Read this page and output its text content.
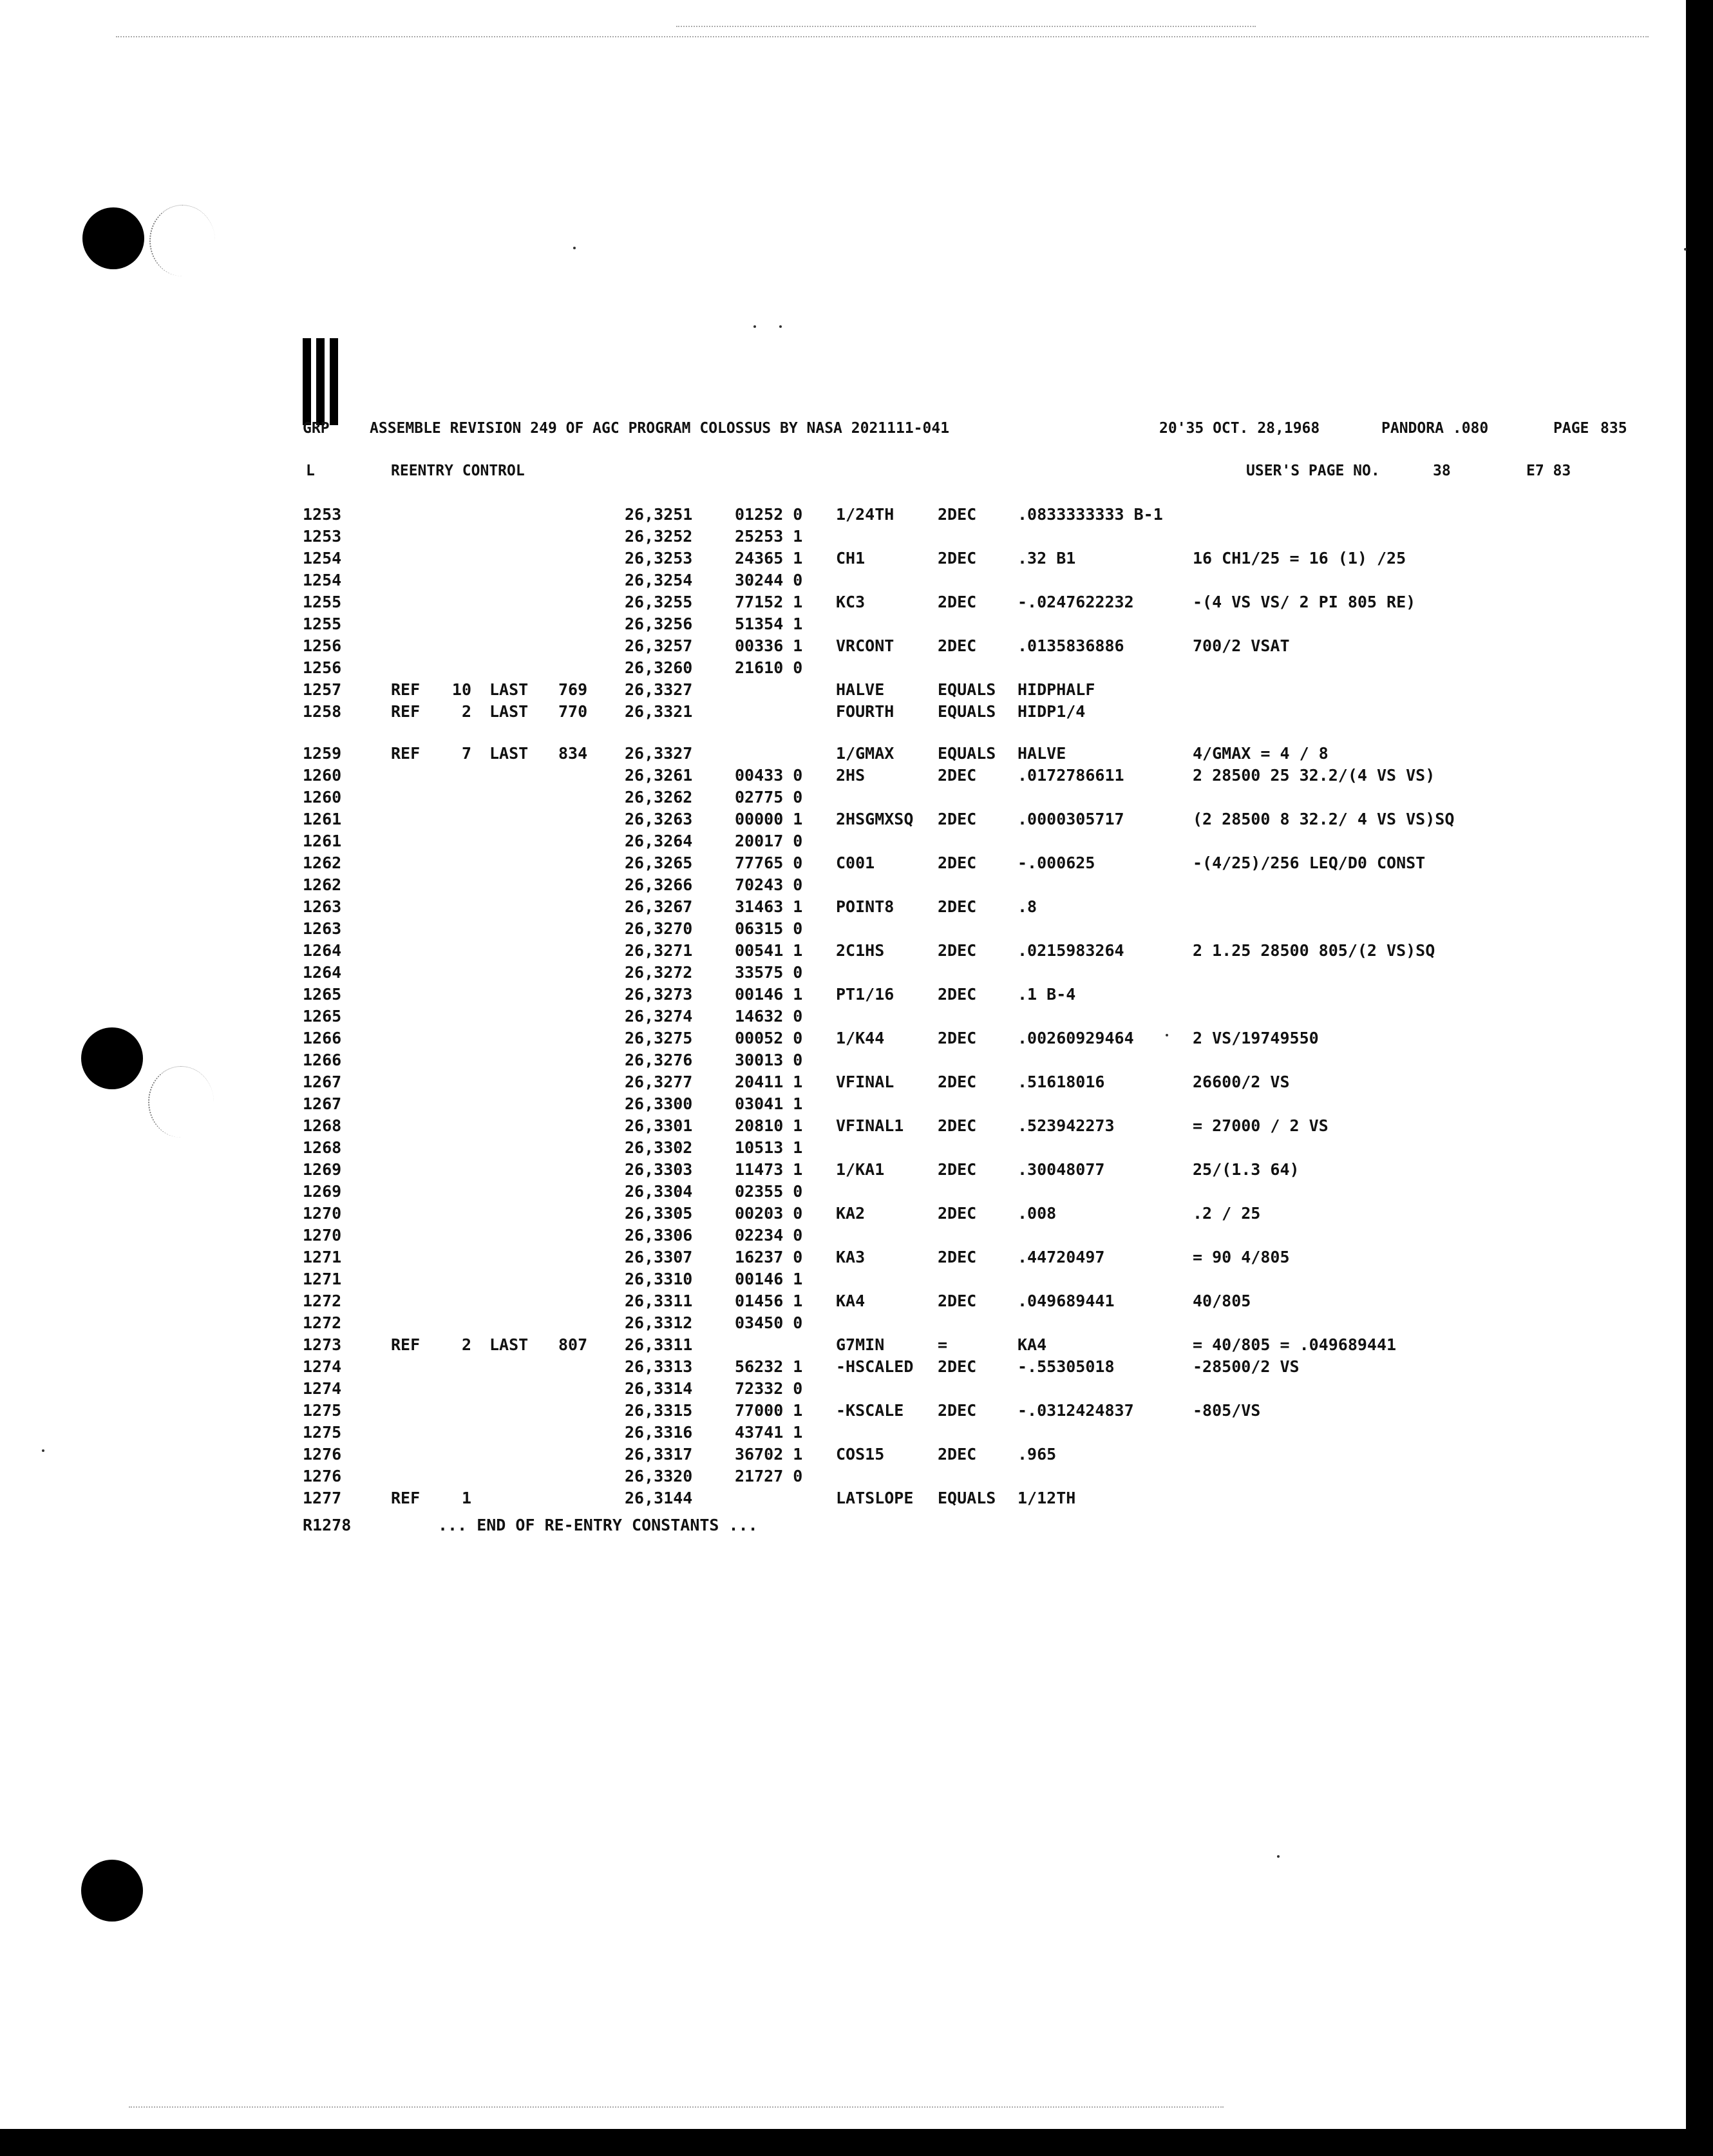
GRP	ASSEMBLE REVISION 249 OF AGC PROGRAM COLOSSUS BY NASA 2021111-041	20'35 OCT. 28,1968	PANDORA .080	PAGE 835
L	REENTRY CONTROL	USER'S PAGE NO.	38	E7 83
1253	26,3251	01252 0 1/24TH	2DEC	.0833333333 B-1
1253	26,3252	25253 1
1254	26,3253	24365 1 CH1	2DEC	.32 B1	16 CH1/25 = 16 (1) /25
1254	26,3254	30244 0
1255	26,3255	77152 1 KC3	2DEC	-.0247622232	-(4 VS VS/ 2 PI 805 RE)
1255	26,3256	51354 1
1256	26,3257	00336 1 VRCONT	2DEC	.0135836886	700/2 VSAT
1256	26,3260	21610 0
1257	REF 10 LAST 769 26,3327	HALVE	EQUALS HIDPHALF
1258	REF	2 LAST 770 26,3321	FOURTH	EQUALS HIDP1/4
1259	REF	7 LAST 834 26,3327	1/GMAX	EQUALS HALVE	4/GMAX = 4 / 8
1260	26,3261	00433 0 2HS	2DEC	.0172786611	2 28500 25 32.2/(4 VS VS)
1260	26,3262	02775 0
1261	26,3263	00000 1 2HSGMXSQ 2DEC	.0000305717	(2 28500 8 32.2/ 4 VS VS)SQ
1261	26,3264	20017 0
1262	26,3265	77765 0 C001	2DEC	-.000625	-(4/25)/256 LEQ/D0 CONST
1262	26,3266	70243 0
1263	26,3267	31463 1 POINT8	2DEC	.8
1263	26,3270	06315 0
1264	26,3271	00541 1 2C1HS	2DEC	.0215983264	2 1.25 28500 805/(2 VS)SQ
1264	26,3272	33575 0
1265	26,3273	00146 1 PT1/16	2DEC	.1 B-4
1265	26,3274	14632 0
1266	26,3275	00052 0 1/K44	2DEC	.00260929464	2 VS/19749550
1266	26,3276	30013 0
1267	26,3277	20411 1 VFINAL	2DEC	.51618016	26600/2 VS
1267	26,3300	03041 1
1268	26,3301	20810 1 VFINAL1 2DEC	.523942273	= 27000 / 2 VS
1268	26,3302	10513 1
1269	26,3303	11473 1 1/KA1	2DEC	.30048077	25/(1.3 64)
1269	26,3304	02355 0
1270	26,3305	00203 0 KA2	2DEC	.008	.2 / 25
1270	26,3306	02234 0
1271	26,3307	16237 0 KA3	2DEC	.44720497	= 90 4/805
1271	26,3310	00146 1
1272	26,3311	01456 1 KA4	2DEC	.049689441	40/805
1272	26,3312	03450 0
1273	REF	2 LAST 807 26,3311	G7MIN	=	KA4	= 40/805 = .049689441
1274	26,3313	56232 1 -HSCALED 2DEC	-.55305018	-28500/2 VS
1274	26,3314	72332 0
1275	26,3315	77000 1 -KSCALE 2DEC	-.0312424837	-805/VS
1275	26,3316	43741 1
1276	26,3317	36702 1 COS15	2DEC	.965
1276	26,3320	21727 0
1277	REF	1	26,3144	LATSLOPE EQUALS 1/12TH
R1278	... END OF RE-ENTRY CONSTANTS ...
